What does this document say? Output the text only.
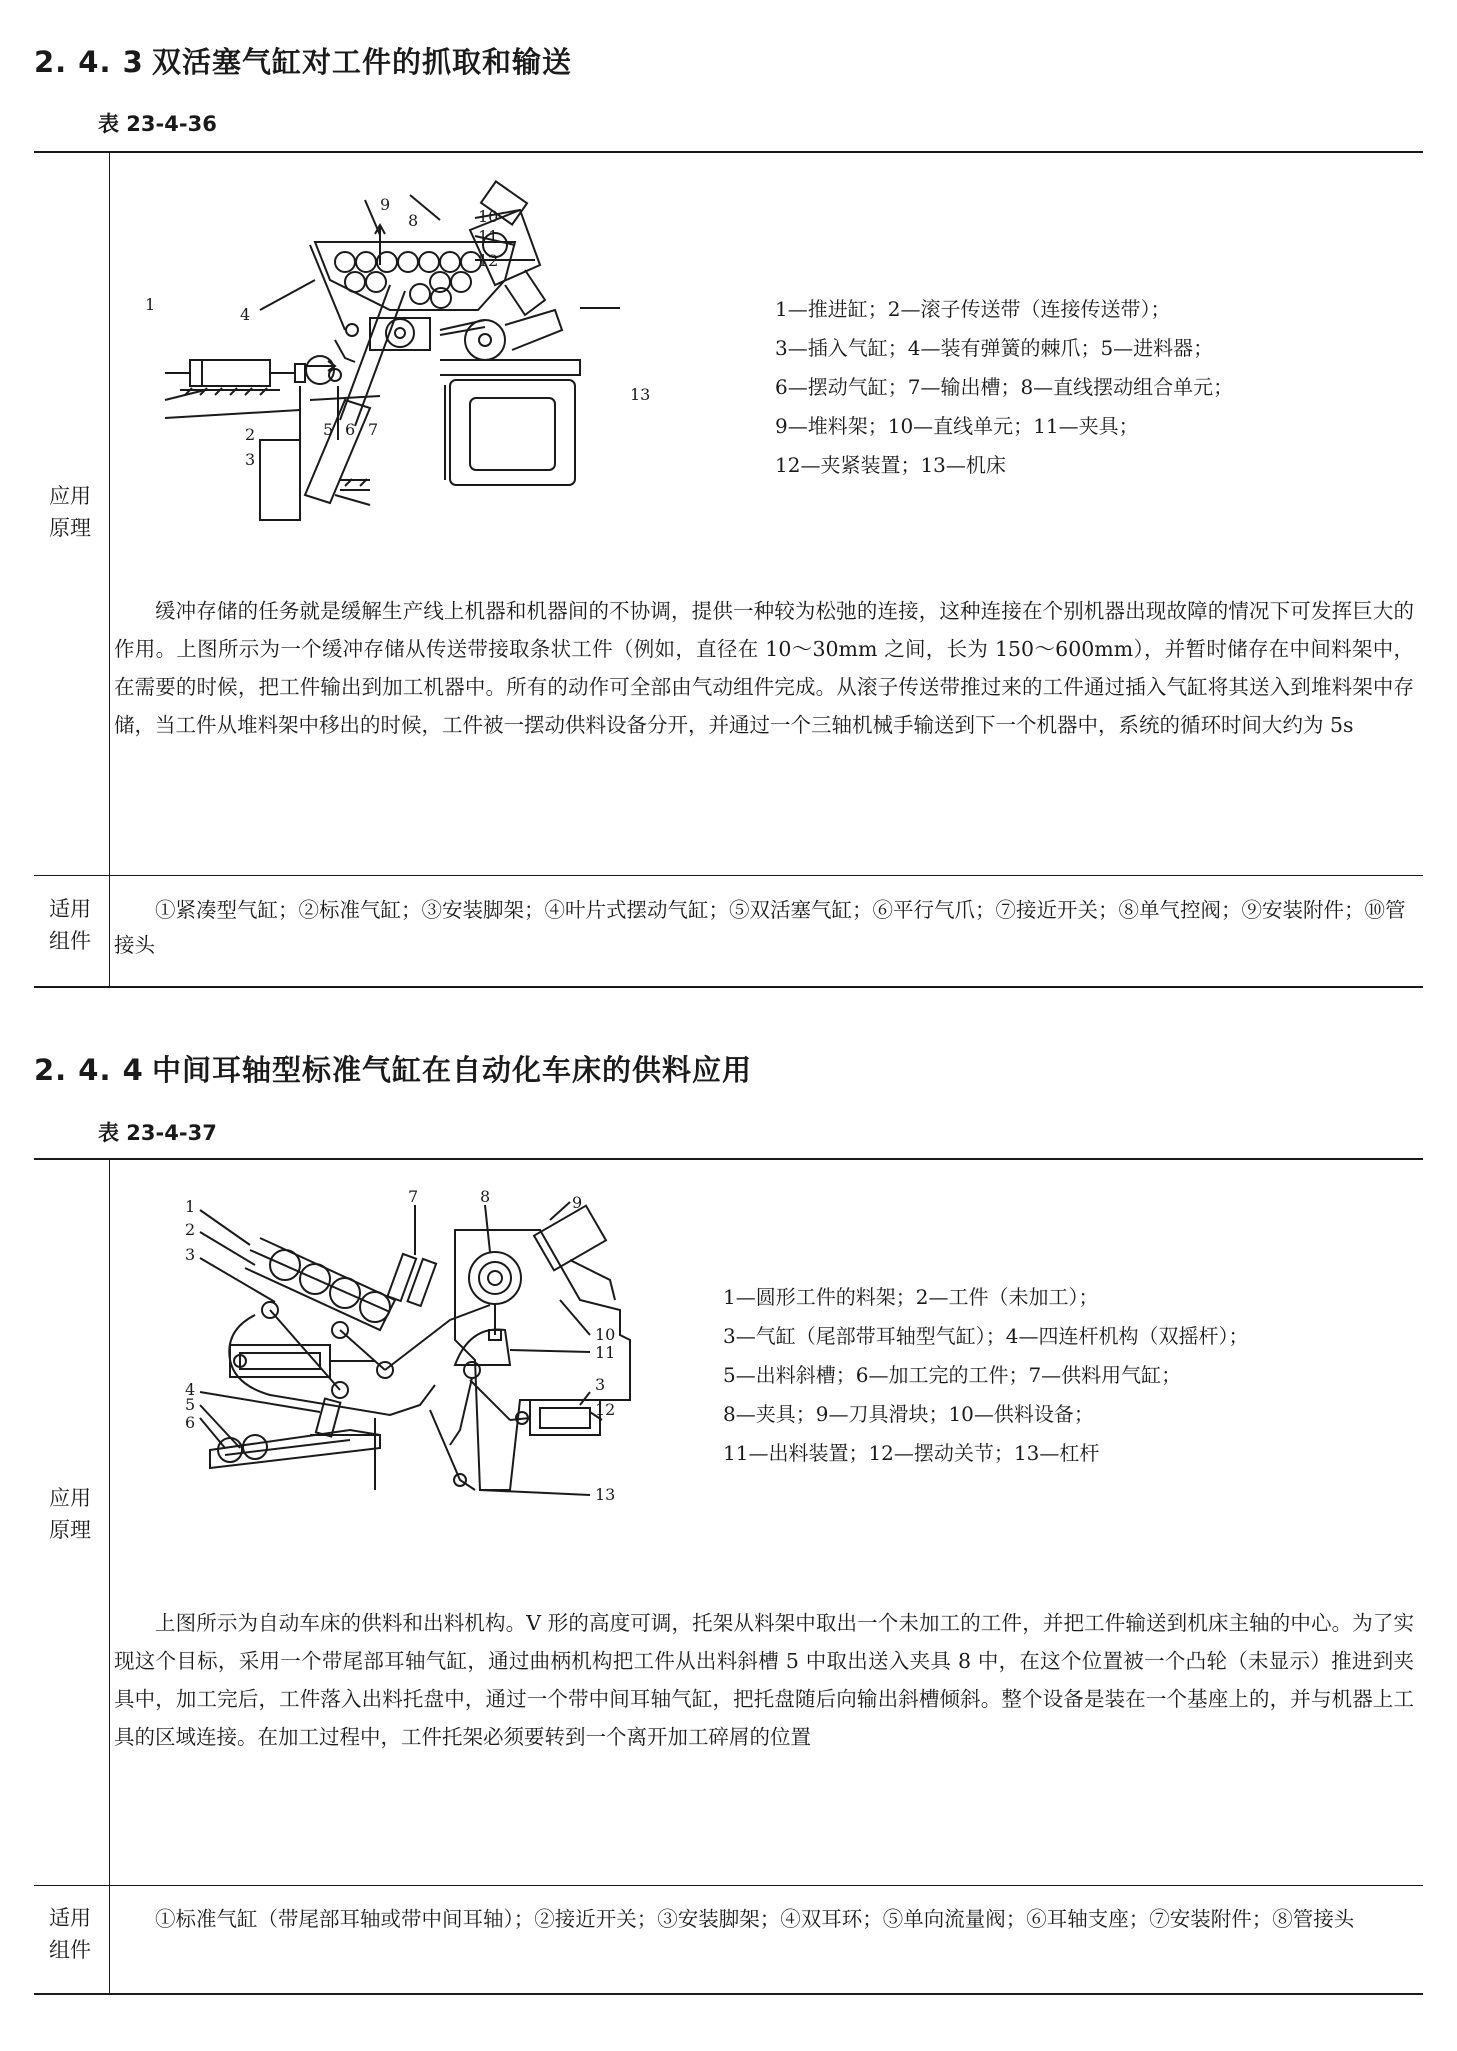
2. 4. 3 双活塞气缸对工件的抓取和输送
表 23-4-36
应用
原理
1
2
3
4
5 6 7
8
9
10
11
12
13
1—推进缸；2—滚子传送带（连接传送带）；
3—插入气缸；4—装有弹簧的棘爪；5—进料器；
6—摆动气缸；7—输出槽；8—直线摆动组合单元；
9—堆料架；10—直线单元；11—夹具；
12—夹紧装置；13—机床
缓冲存储的任务就是缓解生产线上机器和机器间的不协调，提供一种较为松弛的连接，这种连接在个别机器出现故障的情况下可发挥巨大的作用。上图所示为一个缓冲存储从传送带接取条状工件（例如，直径在 10～30mm 之间，长为 150～600mm），并暂时储存在中间料架中，在需要的时候，把工件输出到加工机器中。所有的动作可全部由气动组件完成。从滚子传送带推过来的工件通过插入气缸将其送入到堆料架中存储，当工件从堆料架中移出的时候，工件被一摆动供料设备分开，并通过一个三轴机械手输送到下一个机器中，系统的循环时间大约为 5s
适用
组件
①紧凑型气缸；②标准气缸；③安装脚架；④叶片式摆动气缸；⑤双活塞气缸；⑥平行气爪；⑦接近开关；⑧单气控阀；⑨安装附件；⑩管接头
2. 4. 4 中间耳轴型标准气缸在自动化车床的供料应用
表 23-4-37
应用
原理
1
2
3
4
5
6
7	8	9
10
11
3
12
13
1—圆形工件的料架；2—工件（未加工）；
3—气缸（尾部带耳轴型气缸）；4—四连杆机构（双摇杆）；
5—出料斜槽；6—加工完的工件；7—供料用气缸；
8—夹具；9—刀具滑块；10—供料设备；
11—出料装置；12—摆动关节；13—杠杆
上图所示为自动车床的供料和出料机构。V 形的高度可调，托架从料架中取出一个未加工的工件，并把工件输送到机床主轴的中心。为了实现这个目标，采用一个带尾部耳轴气缸，通过曲柄机构把工件从出料斜槽 5 中取出送入夹具 8 中，在这个位置被一个凸轮（未显示）推进到夹具中，加工完后，工件落入出料托盘中，通过一个带中间耳轴气缸，把托盘随后向输出斜槽倾斜。整个设备是装在一个基座上的，并与机器上工具的区域连接。在加工过程中，工件托架必须要转到一个离开加工碎屑的位置
适用
组件
①标准气缸（带尾部耳轴或带中间耳轴）；②接近开关；③安装脚架；④双耳环；⑤单向流量阀；⑥耳轴支座；⑦安装附件；⑧管接头
